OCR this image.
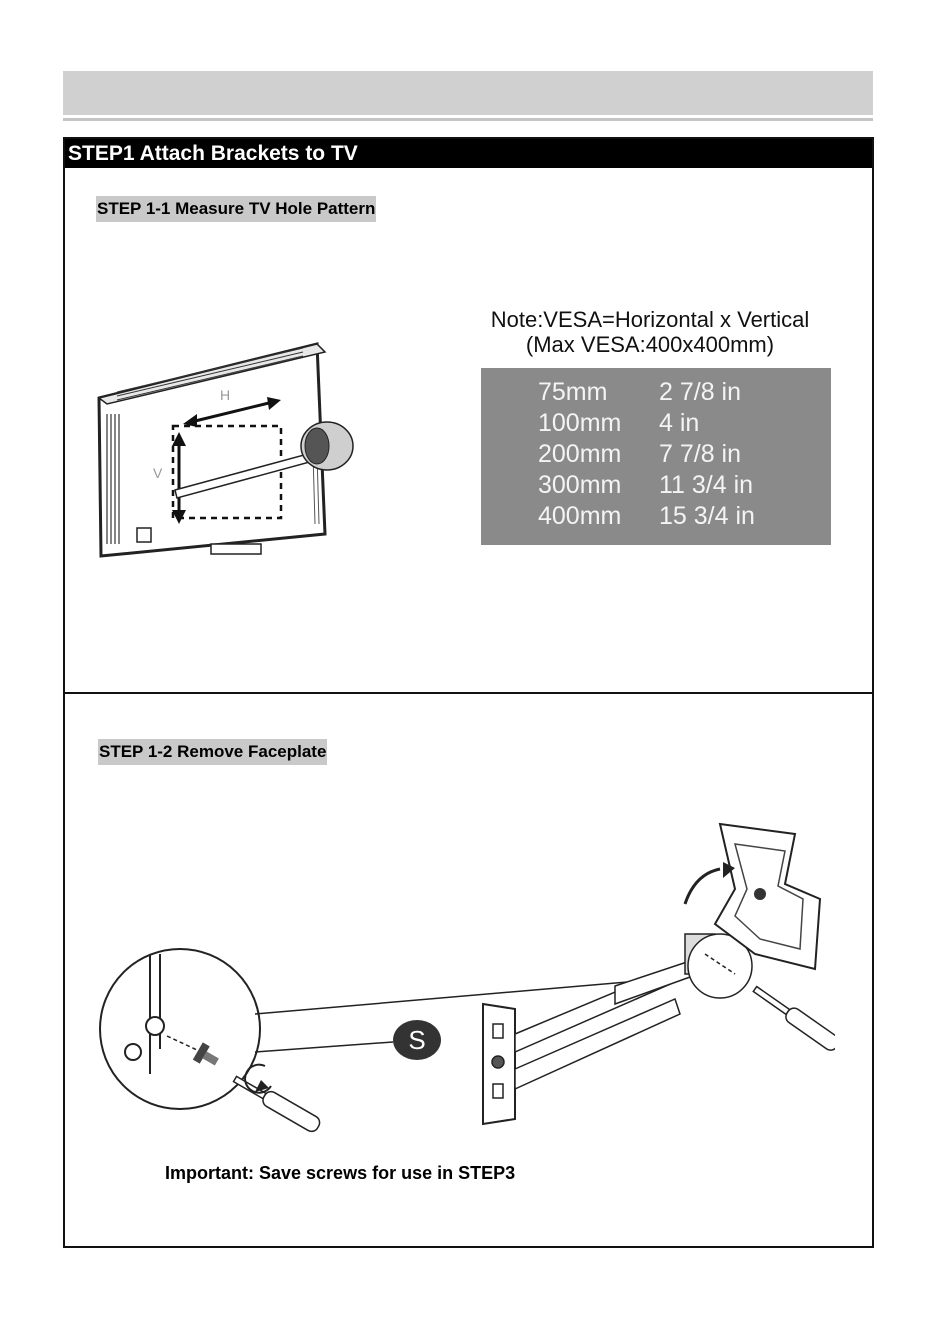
STEP1 Attach Brackets to TV
STEP 1-1 Measure TV Hole Pattern
H
V
Note:VESA=Horizontal x Vertical
(Max VESA:400x400mm)
75mm 2 7/8 in
100mm 4 in
200mm 7 7/8 in
300mm 11 3/4 in
400mm 15 3/4 in
STEP 1-2 Remove Faceplate
S
Important: Save screws for use in STEP3
